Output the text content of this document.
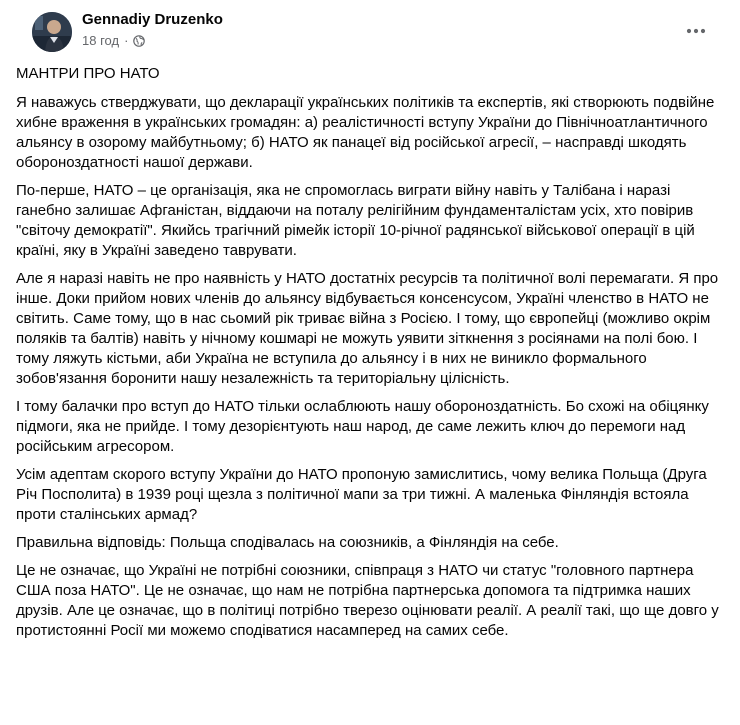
Gennadiy Druzenko
18 год ·

МАНТРИ ПРО НАТО

Я наважусь стверджувати, що декларації українських політиків та експертів, які створюють подвійне хибне враження в українських громадян: а) реалістичності вступу України до Північноатлантичного альянсу в озорому майбутньому; б) НАТО як панацеї від російської агресії, – насправді шкодять обороноздатності нашої держави.

По-перше, НАТО – це організація, яка не спромоглась виграти війну навіть у Талібана і наразі ганебно залишає Афганістан, віддаючи на поталу релігійним фундаменталістам усіх, хто повірив "світочу демократії". Якийсь трагічний рімейк історії 10-річної радянської військової операції в цій країні, яку в Україні заведено таврувати.

Але я наразі навіть не про наявність у НАТО достатніх ресурсів та політичної волі перемагати. Я про інше. Доки прийом нових членів до альянсу відбувається консенсусом, Україні членство в НАТО не світить. Саме тому, що в нас сьомий рік триває війна з Росією. І тому, що європейці (можливо окрім поляків та балтів) навіть у нічному кошмарі не можуть уявити зіткнення з росіянами на полі бою. І тому ляжуть кістьми, аби Україна не вступила до альянсу і в них не виникло формального зобов'язання боронити нашу незалежність та територіальну цілісність.

І тому балачки про вступ до НАТО тільки ослаблюють нашу обороноздатність. Бо схожі на обіцянку підмоги, яка не прийде. І тому дезорієнтують наш народ, де саме лежить ключ до перемоги над російським агресором.

Усім адептам скорого вступу України до НАТО пропоную замислитись, чому велика Польща (Друга Річ Посполита) в 1939 році щезла з політичної мапи за три тижні. А маленька Фінляндія встояла проти сталінських армад?

Правильна відповідь: Польща сподівалась на союзників, а Фінляндія на себе.

Це не означає, що Україні не потрібні союзники, співпраця з НАТО чи статус "головного партнера США поза НАТО". Це не означає, що нам не потрібна партнерська допомога та підтримка наших друзів. Але це означає, що в політиці потрібно тверезо оцінювати реалії. А реалії такі, що ще довго у протистоянні Росії ми можемо сподіватися насамперед на самих себе.
